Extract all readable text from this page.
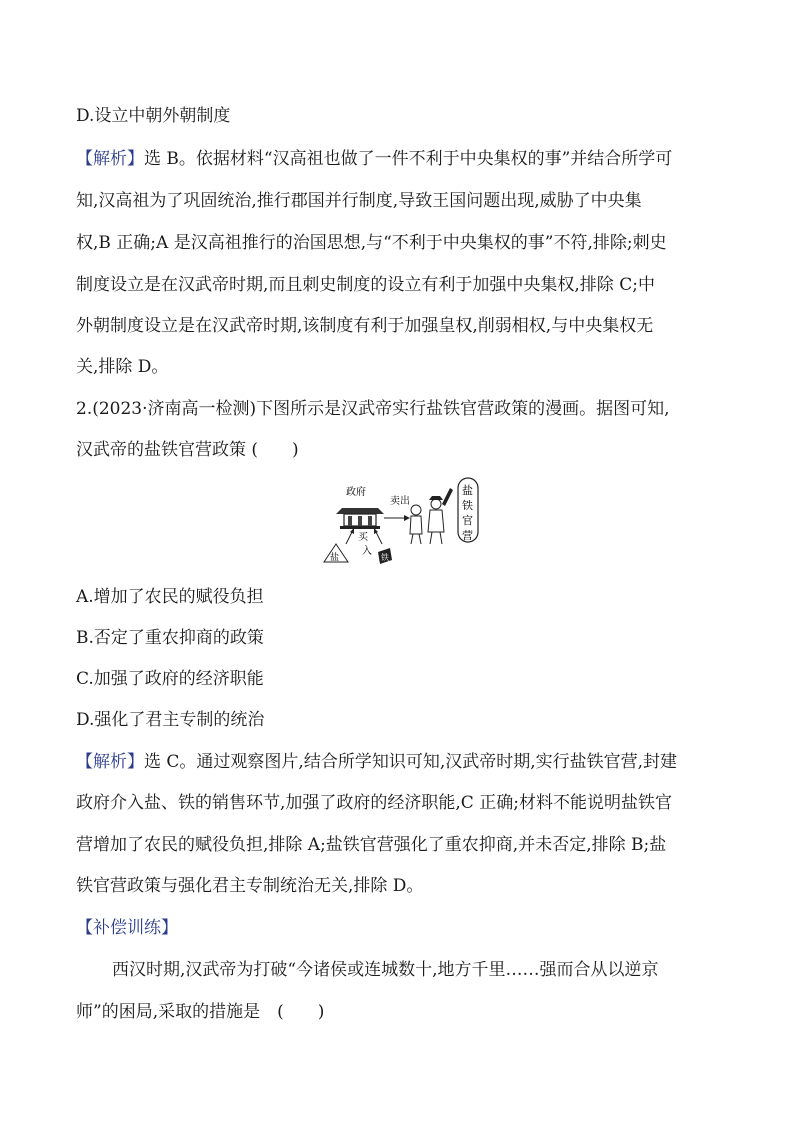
D.设立中朝外朝制度
【解析】选 B。依据材料“汉高祖也做了一件不利于中央集权的事”并结合所学可
知,汉高祖为了巩固统治,推行郡国并行制度,导致王国问题出现,威胁了中央集
权,B 正确;A 是汉高祖推行的治国思想,与“不利于中央集权的事”不符,排除;刺史
制度设立是在汉武帝时期,而且刺史制度的设立有利于加强中央集权,排除 C;中
外朝制度设立是在汉武帝时期,该制度有利于加强皇权,削弱相权,与中央集权无
关,排除 D。
2.(2023·济南高一检测)下图所示是汉武帝实行盐铁官营政策的漫画。据图可知,
汉武帝的盐铁官营政策 (　　)
政府
卖出
盐
铁
官
营
买
入
盐	铁
A.增加了农民的赋役负担
B.否定了重农抑商的政策
C.加强了政府的经济职能
D.强化了君主专制的统治
【解析】选 C。通过观察图片,结合所学知识可知,汉武帝时期,实行盐铁官营,封建
政府介入盐、铁的销售环节,加强了政府的经济职能,C 正确;材料不能说明盐铁官
营增加了农民的赋役负担,排除 A;盐铁官营强化了重农抑商,并未否定,排除 B;盐
铁官营政策与强化君主专制统治无关,排除 D。
【补偿训练】
西汉时期,汉武帝为打破“今诸侯或连城数十,地方千里……强而合从以逆京
师”的困局,采取的措施是　(　　)
